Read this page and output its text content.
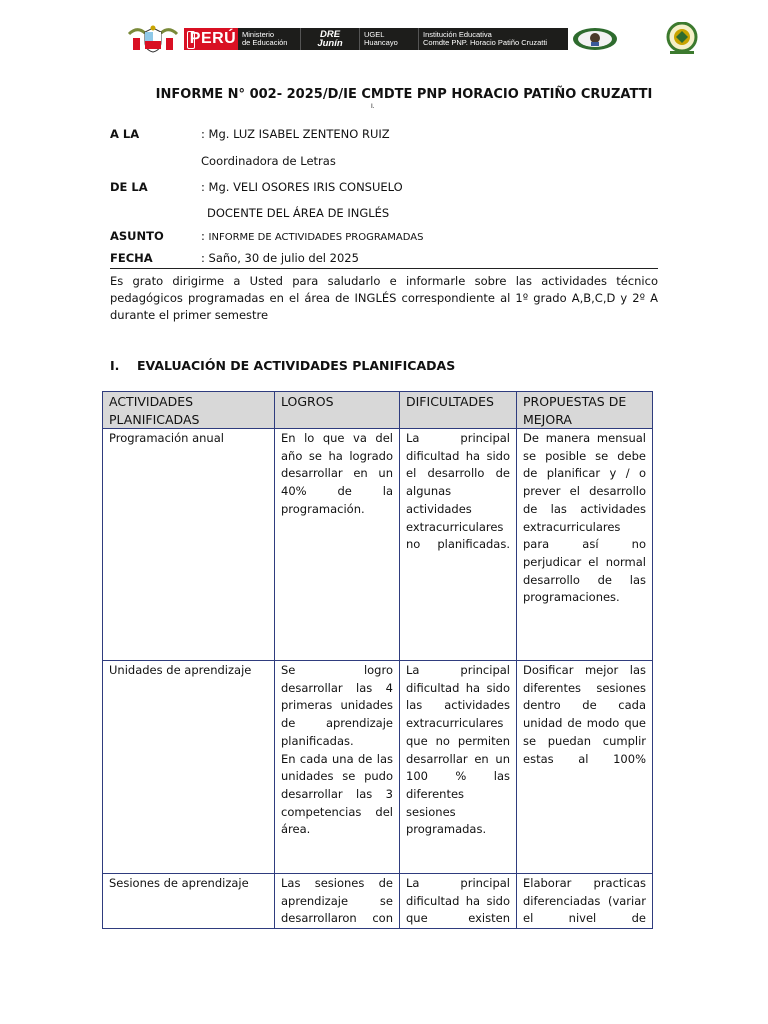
PERÚ Ministerio
de Educación
DRE
Junín
UGEL
Huancayo
Institución Educativa
Comdte PNP. Horacio Patiño Cruzatti
INFORME N° 002- 2025/D/IE CMDTE PNP HORACIO PATIÑO CRUZATTI
I.
A LA	: Mg. LUZ ISABEL ZENTENO RUIZ
Coordinadora de Letras
DE LA	: Mg. VELI OSORES IRIS CONSUELO
DOCENTE DEL ÁREA DE INGLÉS
ASUNTO	: INFORME DE ACTIVIDADES PROGRAMADAS
FECHA	: Saño, 30 de julio del 2025
Es grato dirigirme a Usted para saludarlo e informarle sobre las actividades técnico pedagógicos programadas en el área de INGLÉS correspondiente al 1º grado A,B,C,D y 2º A durante el primer semestre
I. EVALUACIÓN DE ACTIVIDADES PLANIFICADAS
ACTIVIDADES PLANIFICADAS	LOGROS	DIFICULTADES	PROPUESTAS DE MEJORA
Programación anual	En lo que va del año se ha logrado desarrollar en un 40% de la programación.	La principal dificultad ha sido el desarrollo de algunas actividades extracurriculares no planificadas.	De manera mensual se posible se debe de planificar y / o prever el desarrollo de las actividades extracurriculares para así no perjudicar el normal desarrollo de las programaciones.
Unidades de aprendizaje	Se logro desarrollar las 4 primeras unidades de aprendizaje planificadas.
En cada una de las unidades se pudo desarrollar las 3 competencias del área.	La principal dificultad ha sido las actividades extracurriculares que no permiten desarrollar en un 100 % las diferentes sesiones programadas.	Dosificar mejor las diferentes sesiones dentro de cada unidad de modo que se puedan cumplir estas al 100%
Sesiones de aprendizaje	Las sesiones de aprendizaje se desarrollaron con	La principal dificultad ha sido que existen	Elaborar practicas diferenciadas (variar el nivel de
